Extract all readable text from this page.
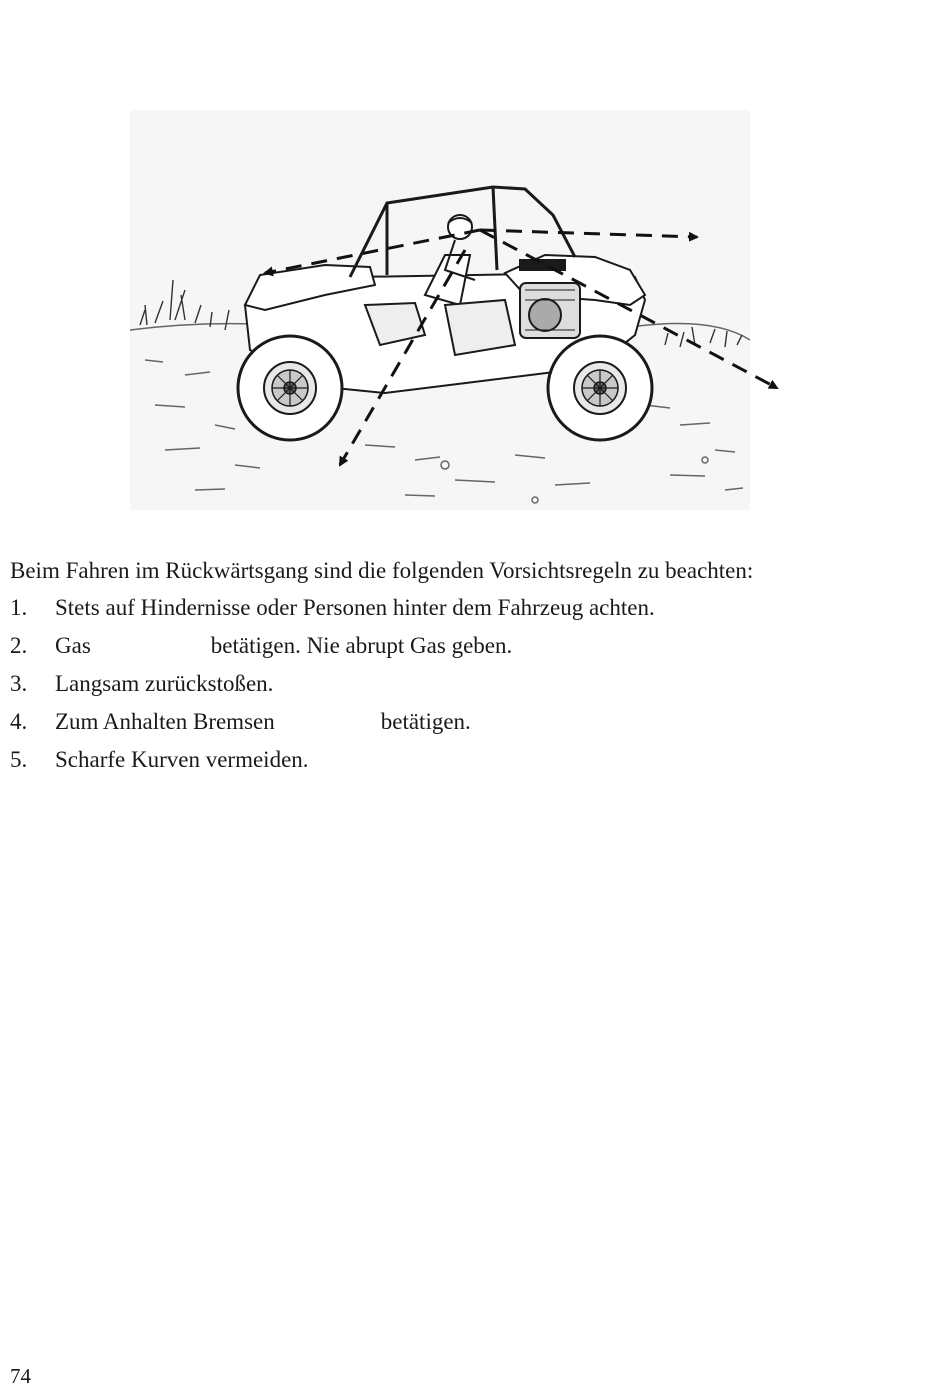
Beim Fahren im Rückwärtsgang sind die folgenden Vorsichtsregeln zu beachten:

1. Stets auf Hindernisse oder Personen hinter dem Fahrzeug achten.
2. Gas	betätigen. Nie abrupt Gas geben.
3. Langsam zurückstoßen.
4. Zum Anhalten Bremsen	betätigen.
5. Scharfe Kurven vermeiden.

74
